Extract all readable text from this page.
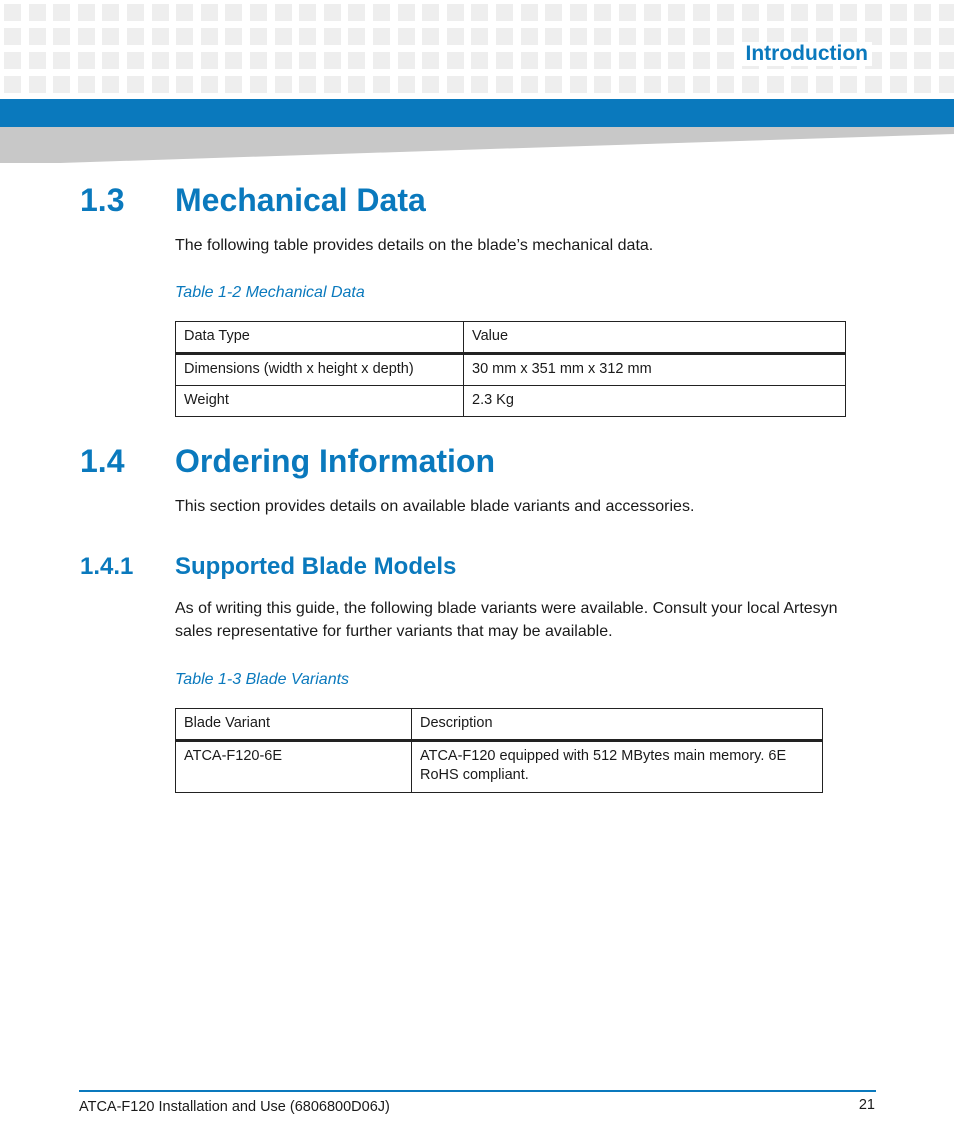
Introduction
1.3 Mechanical Data

The following table provides details on the blade’s mechanical data.

Table 1-2 Mechanical Data
Data Type	Value
Dimensions (width x height x depth)	30 mm x 351 mm x 312 mm
Weight	2.3 Kg
1.4 Ordering Information

This section provides details on available blade variants and accessories.

1.4.1 Supported Blade Models

As of writing this guide, the following blade variants were available. Consult your local Artesyn
sales representative for further variants that may be available.

Table 1-3 Blade Variants
Blade Variant	Description
ATCA-F120-6E	ATCA-F120 equipped with 512 MBytes main memory. 6E RoHS compliant.
ATCA-F120 Installation and Use (6806800D06J)	21
